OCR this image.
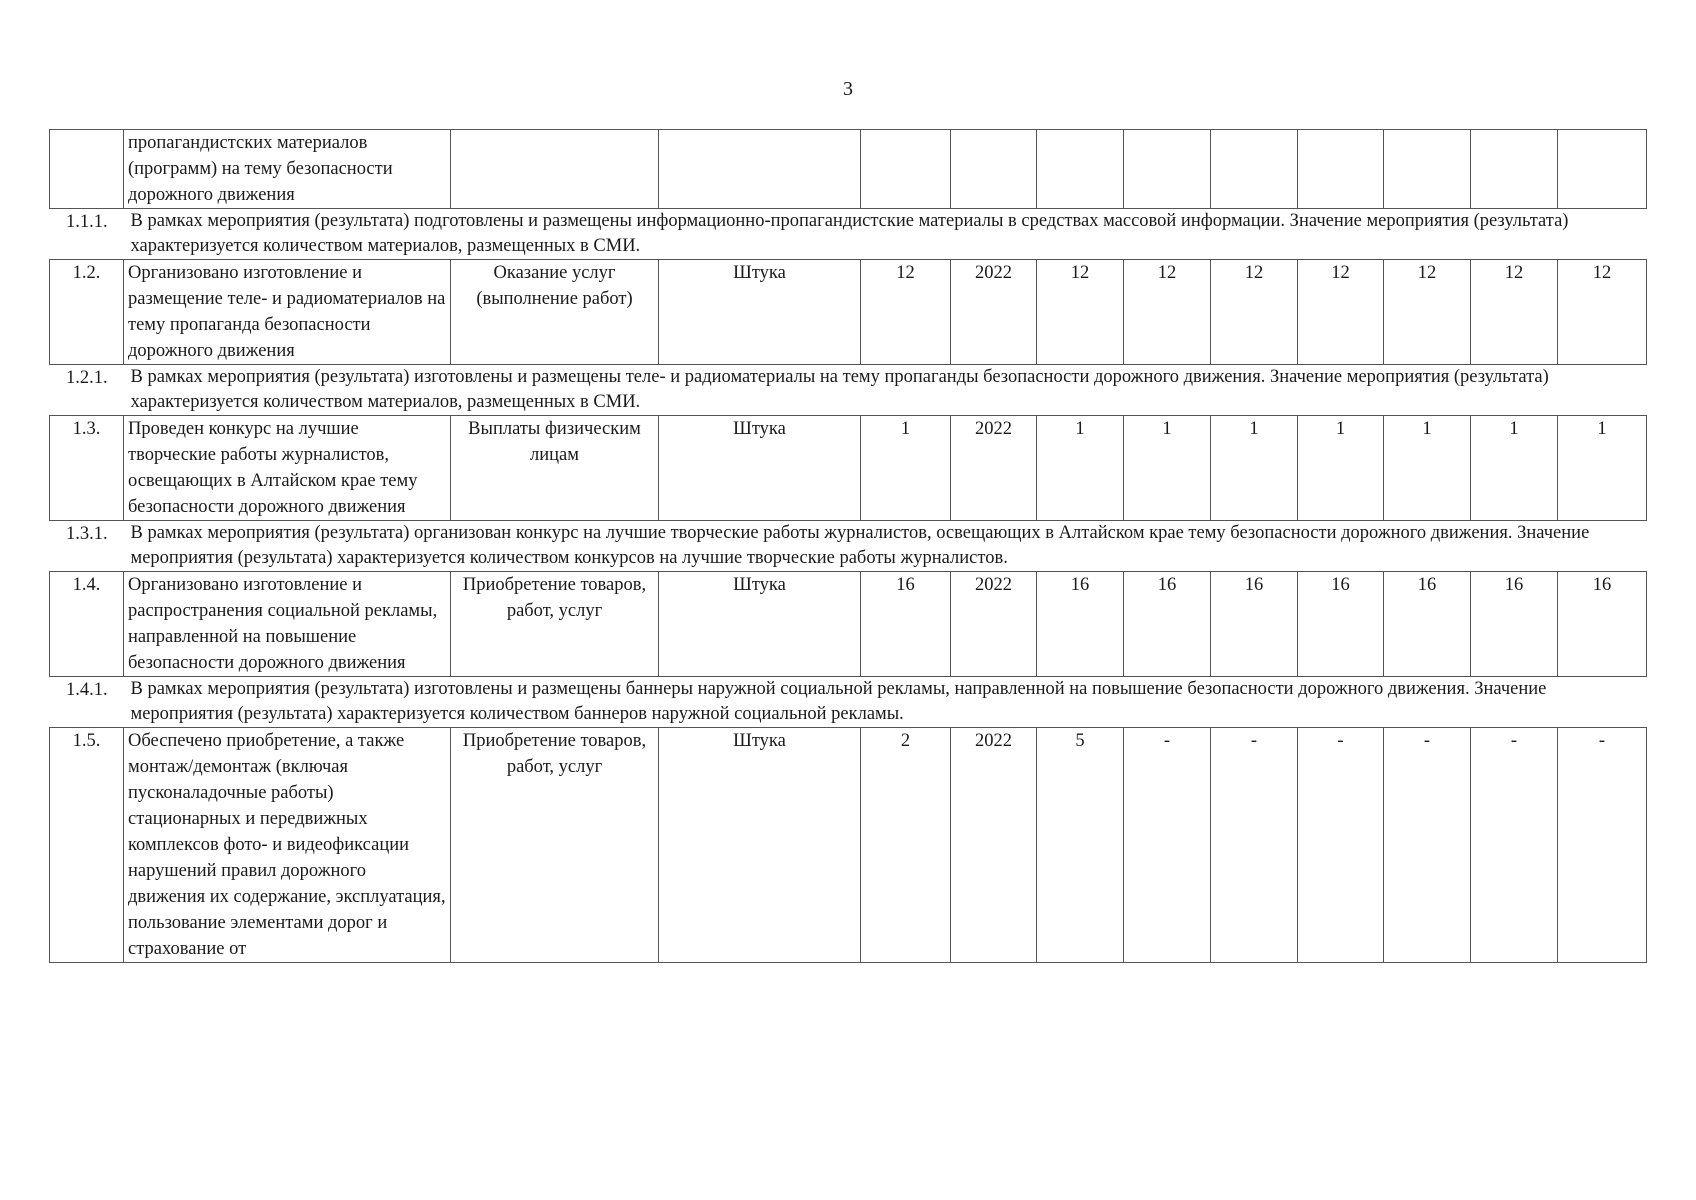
3
	пропагандистских материалов (программ) на тему безопасности дорожного движения											
1.1.1.	В рамках мероприятия (результата) подготовлены и размещены информационно-пропагандистские материалы в средствах массовой информации. Значение мероприятия (результата) характеризуется количеством материалов, размещенных в СМИ.											
1.2.	Организовано изготовление и размещение теле- и радиоматериалов на тему пропаганда безопасности дорожного движения	Оказание услуг (выполнение работ)	Штука	12	2022	12	12	12	12	12	12	12
1.2.1.	В рамках мероприятия (результата) изготовлены и размещены теле- и радиоматериалы на тему пропаганды безопасности дорожного движения. Значение мероприятия (результата) характеризуется количеством материалов, размещенных в СМИ.											
1.3.	Проведен конкурс на лучшие творческие работы журналистов, освещающих в Алтайском крае тему безопасности дорожного движения	Выплаты физическим лицам	Штука	1	2022	1	1	1	1	1	1	1
1.3.1.	В рамках мероприятия (результата) организован конкурс на лучшие творческие работы журналистов, освещающих в Алтайском крае тему безопасности дорожного движения. Значение мероприятия (результата) характеризуется количеством конкурсов на лучшие творческие работы журналистов.											
1.4.	Организовано изготовление и распространения социальной рекламы, направленной на повышение безопасности дорожного движения	Приобретение товаров, работ, услуг	Штука	16	2022	16	16	16	16	16	16	16
1.4.1.	В рамках мероприятия (результата) изготовлены и размещены баннеры наружной социальной рекламы, направленной на повышение безопасности дорожного движения. Значение мероприятия (результата) характеризуется количеством баннеров наружной социальной рекламы.											
1.5.	Обеспечено приобретение, а также монтаж/демонтаж (включая пусконаладочные работы) стационарных и передвижных комплексов фото- и видеофиксации нарушений правил дорожного движения их содержание, эксплуатация, пользование элементами дорог и страхование от	Приобретение товаров, работ, услуг	Штука	2	2022	5	-	-	-	-	-	-
